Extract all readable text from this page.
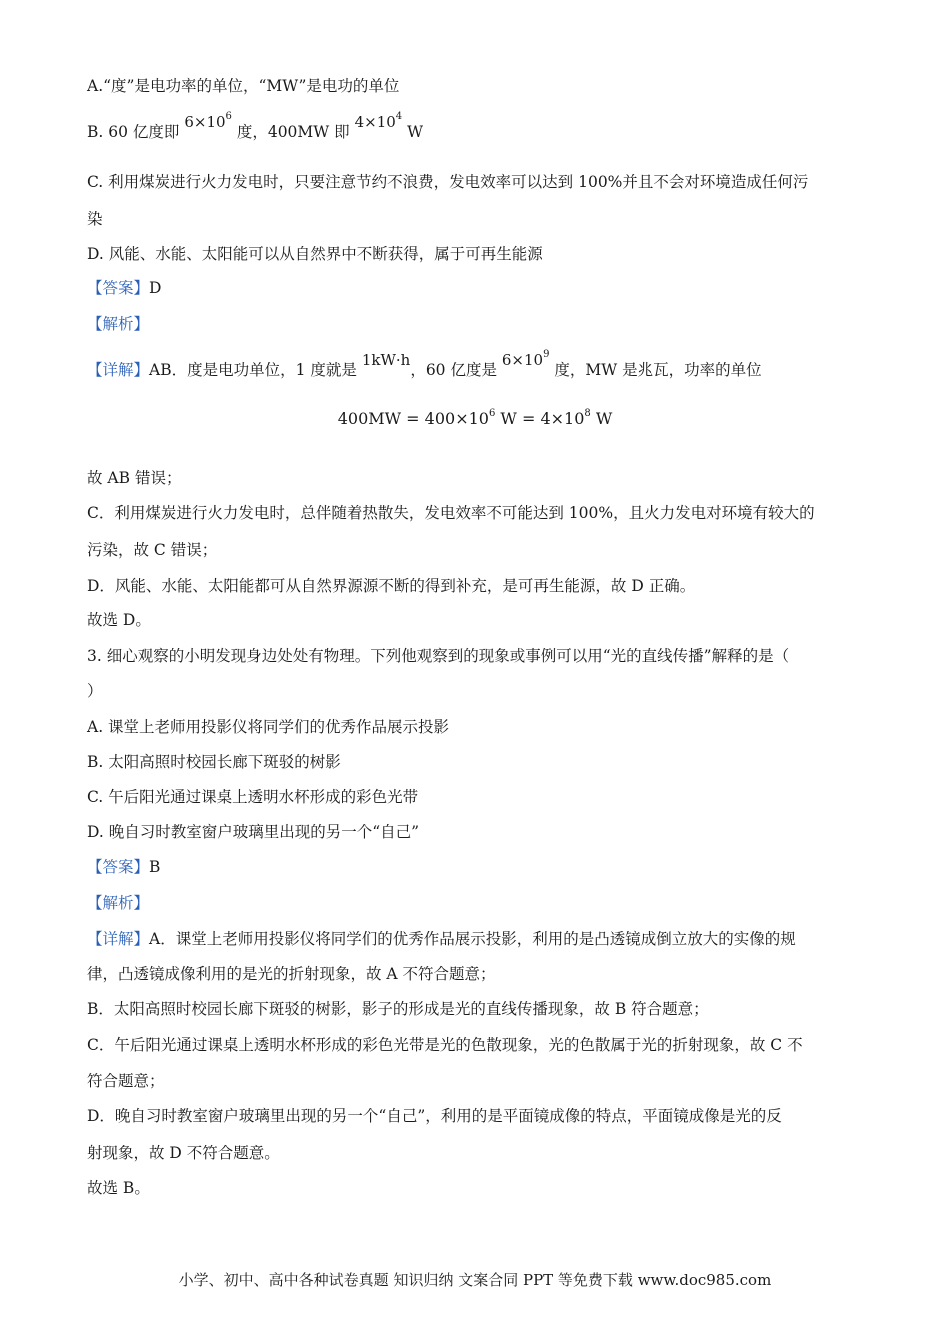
A.“度”是电功率的单位，“MW”是电功的单位
B. 60 亿度即 $6\times 10^6$ 度，400MW 即 $4\times 10^4$ W
C. 利用煤炭进行火力发电时，只要注意节约不浪费，发电效率可以达到 100%并且不会对环境造成任何污
染
D. 风能、水能、太阳能可以从自然界中不断获得，属于可再生能源
【答案】D
【解析】
【详解】AB．度是电功单位，1 度就是 1kW·h，60 亿度是 $6\times 10^9$ 度，MW 是兆瓦，功率的单位
$400MW = 400\times 10^6$ $W = 4\times 10^8$ W
故 AB 错误；
C．利用煤炭进行火力发电时，总伴随着热散失，发电效率不可能达到 100%，且火力发电对环境有较大的
污染，故 C 错误；
D．风能、水能、太阳能都可从自然界源源不断的得到补充，是可再生能源，故 D 正确。
故选 D。
3. 细心观察的小明发现身边处处有物理。下列他观察到的现象或事例可以用“光的直线传播”解释的是（
）
A. 课堂上老师用投影仪将同学们的优秀作品展示投影
B. 太阳高照时校园长廊下斑驳的树影
C. 午后阳光通过课桌上透明水杯形成的彩色光带
D. 晚自习时教室窗户玻璃里出现的另一个“自己”
【答案】B
【解析】
【详解】A．课堂上老师用投影仪将同学们的优秀作品展示投影，利用的是凸透镜成倒立放大的实像的规
律，凸透镜成像利用的是光的折射现象，故 A 不符合题意；
B．太阳高照时校园长廊下斑驳的树影，影子的形成是光的直线传播现象，故 B 符合题意；
C．午后阳光通过课桌上透明水杯形成的彩色光带是光的色散现象，光的色散属于光的折射现象，故 C 不
符合题意；
D．晚自习时教室窗户玻璃里出现的另一个“自己”，利用的是平面镜成像的特点，平面镜成像是光的反
射现象，故 D 不符合题意。
故选 B。
小学、初中、高中各种试卷真题 知识归纳 文案合同 PPT 等免费下载 www.doc985.com
